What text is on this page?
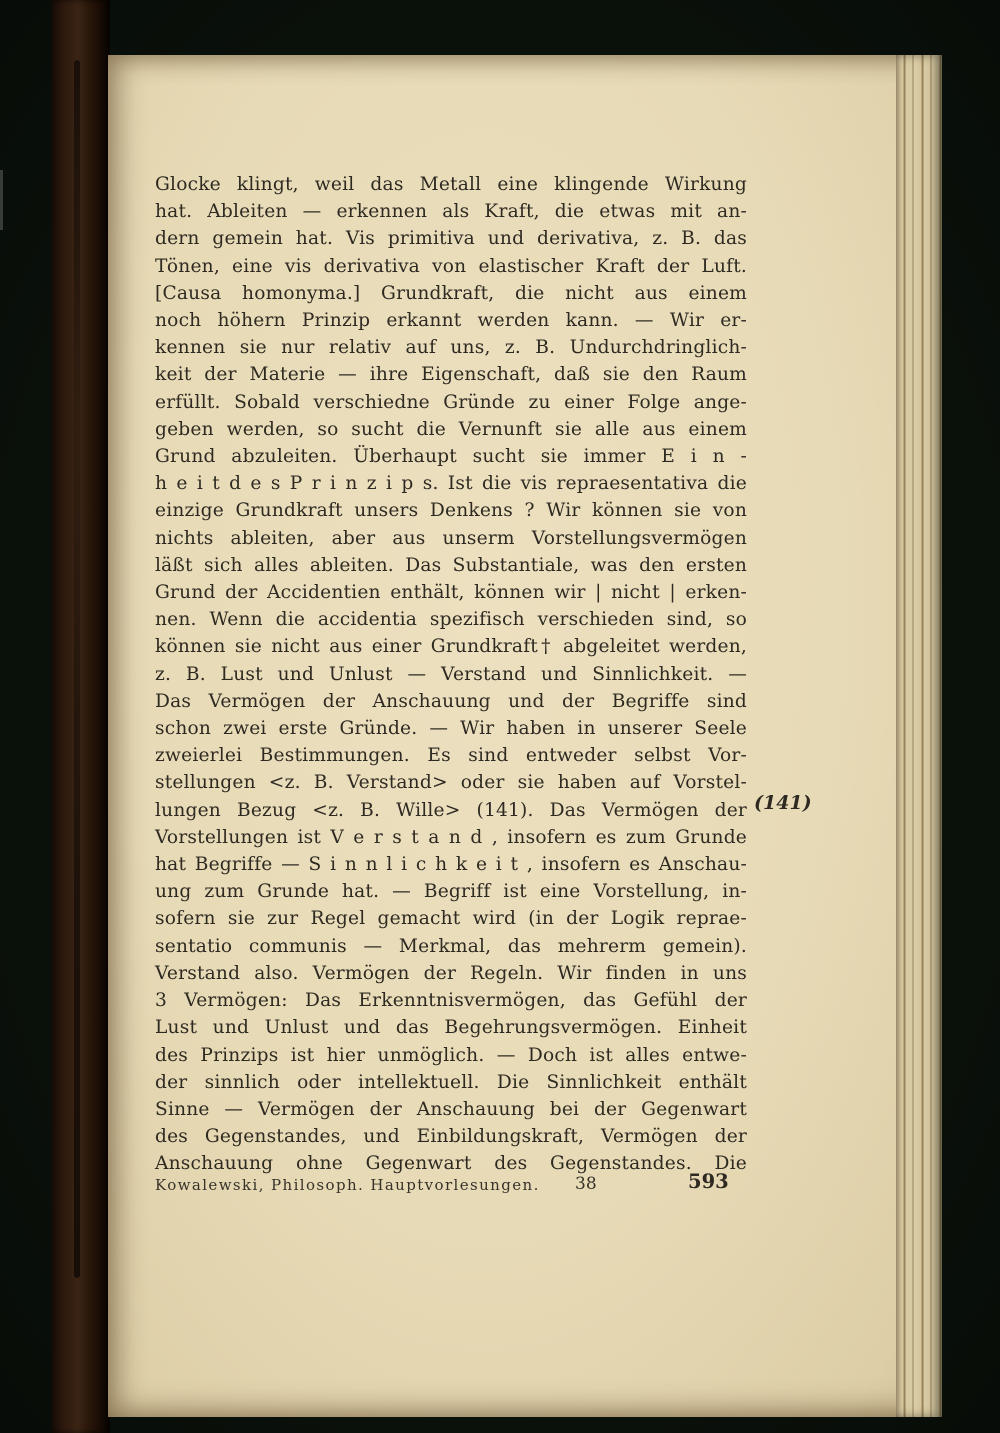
Glocke klingt, weil das Metall eine klingende Wirkung
hat. Ableiten — erkennen als Kraft, die etwas mit an-
dern gemein hat. Vis primitiva und derivativa, z. B. das
Tönen, eine vis derivativa von elastischer Kraft der Luft.
[Causa homonyma.] Grundkraft, die nicht aus einem
noch höhern Prinzip erkannt werden kann. — Wir er-
kennen sie nur relativ auf uns, z. B. Undurchdringlich-
keit der Materie — ihre Eigenschaft, daß sie den Raum
erfüllt. Sobald verschiedne Gründe zu einer Folge ange-
geben werden, so sucht die Vernunft sie alle aus einem
Grund abzuleiten. Überhaupt sucht sie immer E i n -
h e i t d e s P r i n z i p s. Ist die vis repraesentativa die
einzige Grundkraft unsers Denkens ? Wir können sie von
nichts ableiten, aber aus unserm Vorstellungsvermögen
läßt sich alles ableiten. Das Substantiale, was den ersten
Grund der Accidentien enthält, können wir | nicht | erken-
nen. Wenn die accidentia spezifisch verschieden sind, so
können sie nicht aus einer Grundkraft† abgeleitet werden,
z. B. Lust und Unlust — Verstand und Sinnlichkeit. —
Das Vermögen der Anschauung und der Begriffe sind
schon zwei erste Gründe. — Wir haben in unserer Seele
zweierlei Bestimmungen. Es sind entweder selbst Vor-
stellungen <z. B. Verstand> oder sie haben auf Vorstel-
lungen Bezug <z. B. Wille> (141). Das Vermögen der
Vorstellungen ist V e r s t a n d , insofern es zum Grunde
hat Begriffe — S i n n l i c h k e i t , insofern es Anschau-
ung zum Grunde hat. — Begriff ist eine Vorstellung, in-
sofern sie zur Regel gemacht wird (in der Logik reprae-
sentatio communis — Merkmal, das mehrerm gemein).
Verstand also. Vermögen der Regeln. Wir finden in uns
3 Vermögen: Das Erkenntnisvermögen, das Gefühl der
Lust und Unlust und das Begehrungsvermögen. Einheit
des Prinzips ist hier unmöglich. — Doch ist alles entwe-
der sinnlich oder intellektuell. Die Sinnlichkeit enthält
Sinne — Vermögen der Anschauung bei der Gegenwart
des Gegenstandes, und Einbildungskraft, Vermögen der
Anschauung ohne Gegenwart des Gegenstandes. Die
(141)
Kowalewski, Philosoph. Hauptvorlesungen. 38	593
